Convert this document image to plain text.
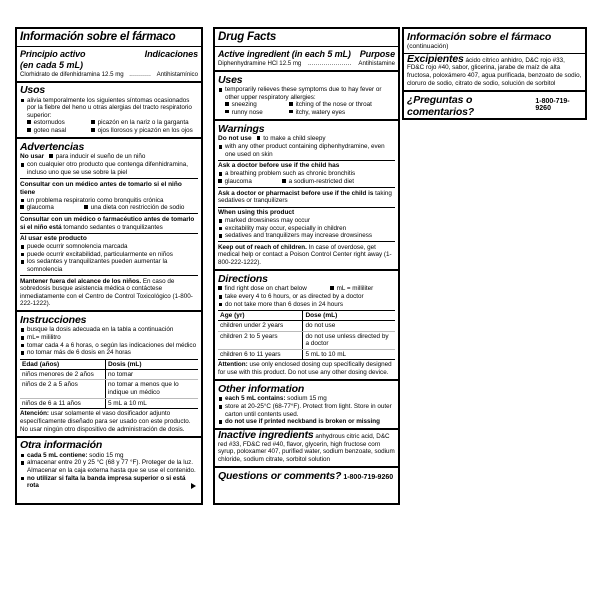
Información sobre el fármaco
Principio activo	Indicaciones
(en cada 5 mL)
Clorhidrato de difenhidramina 12.5 mg ........... Antihistamínico
Usos
alivia temporalmente los siguientes síntomas ocasionados por la fiebre del heno u otras alergias del tracto respiratorio superior:
estornudos	picazón en la nariz o la garganta
goteo nasal	ojos llorosos y picazón en los ojos
Advertencias
No usar	para inducir el sueño de un niño
con cualquier otro producto que contenga difenhidramina, incluso uno que se use sobre la piel
Consultar con un médico antes de tomarlo si el niño tiene
un problema respiratorio como bronquitis crónica
glaucoma	una dieta con restricción de sodio
Consultar con un médico o farmacéutico antes de tomarlo si el niño está tomando sedantes o tranquilizantes
Al usar este producto
puede ocurrir somnolencia marcada
puede ocurrir excitabilidad, particularmente en niños
los sedantes y tranquilizantes pueden aumentar la somnolencia
Mantener fuera del alcance de los niños. En caso de sobredosis busque asistencia médica o contáctese inmediatamente con el Centro de Control Toxicológico (1-800-222-1222).
Instrucciones
busque la dosis adecuada en la tabla a continuación
mL= mililitro
tomar cada 4 a 6 horas, o según las indicaciones del médico
no tomar más de 6 dosis en 24 horas
Edad (años)	Dosis (mL)
niños menores de 2 años	no tomar
niños de 2 a 5 años	no tomar a menos que lo indique un médico
niños de 6 a 11 años	5 mL a 10 mL
Atención: usar solamente el vaso dosificador adjunto específicamente diseñado para ser usado con este producto. No usar ningún otro dispositivo de administración de dosis.
Otra información
cada 5 mL contiene: sodio 15 mg
almacenar entre 20 y 25 °C (68 y 77 °F). Proteger de la luz. Almacenar en la caja externa hasta que se use el contenido.
no utilizar si falta la banda impresa superior o si está rota
Drug Facts
Active ingredient (in each 5 mL) Purpose
Diphenhydramine HCl 12.5 mg	......................	Antihistamine
Uses
temporarily relieves these symptoms due to hay fever or other upper respiratory allergies:
sneezing	itching of the nose or throat
runny nose	itchy, watery eyes
Warnings
Do not use	to make a child sleepy
with any other product containing diphenhydramine, even one used on skin
Ask a doctor before use if the child has
a breathing problem such as chronic bronchitis
glaucoma	a sodium-restricted diet
Ask a doctor or pharmacist before use if the child is taking sedatives or tranquilizers
When using this product
marked drowsiness may occur
excitability may occur, especially in children
sedatives and tranquilizers may increase drowsiness
Keep out of reach of children. In case of overdose, get medical help or contact a Poison Control Center right away (1-800-222-1222).
Directions
find right dose on chart below	mL = milliliter
take every 4 to 6 hours, or as directed by a doctor
do not take more than 6 doses in 24 hours
Age (yr)	Dose (mL)
children under 2 years	do not use
children 2 to 5 years	do not use unless directed by a doctor
children 6 to 11 years	5 mL to 10 mL
Attention: use only enclosed dosing cup specifically designed for use with this product. Do not use any other dosing device.
Other information
each 5 mL contains: sodium 15 mg
store at 20-25°C (68-77°F). Protect from light. Store in outer carton until contents used.
do not use if printed neckband is broken or missing
Inactive ingredients anhydrous citric acid, D&C red #33, FD&C red #40, flavor, glycerin, high fructose corn syrup, poloxamer 407, purified water, sodium benzoate, sodium chloride, sodium citrate, sorbitol solution
Questions or comments? 1-800-719-9260
Información sobre el fármaco
(continuación)
Excipientes ácido cítrico anhidro, D&C rojo #33, FD&C rojo #40, sabor, glicerina, jarabe de maíz de alta fructosa, poloxámero 407, agua purificada, benzoato de sodio, cloruro de sodio, citrato de sodio, solución de sorbitol
¿Preguntas o comentarios?
1-800-719-9260
